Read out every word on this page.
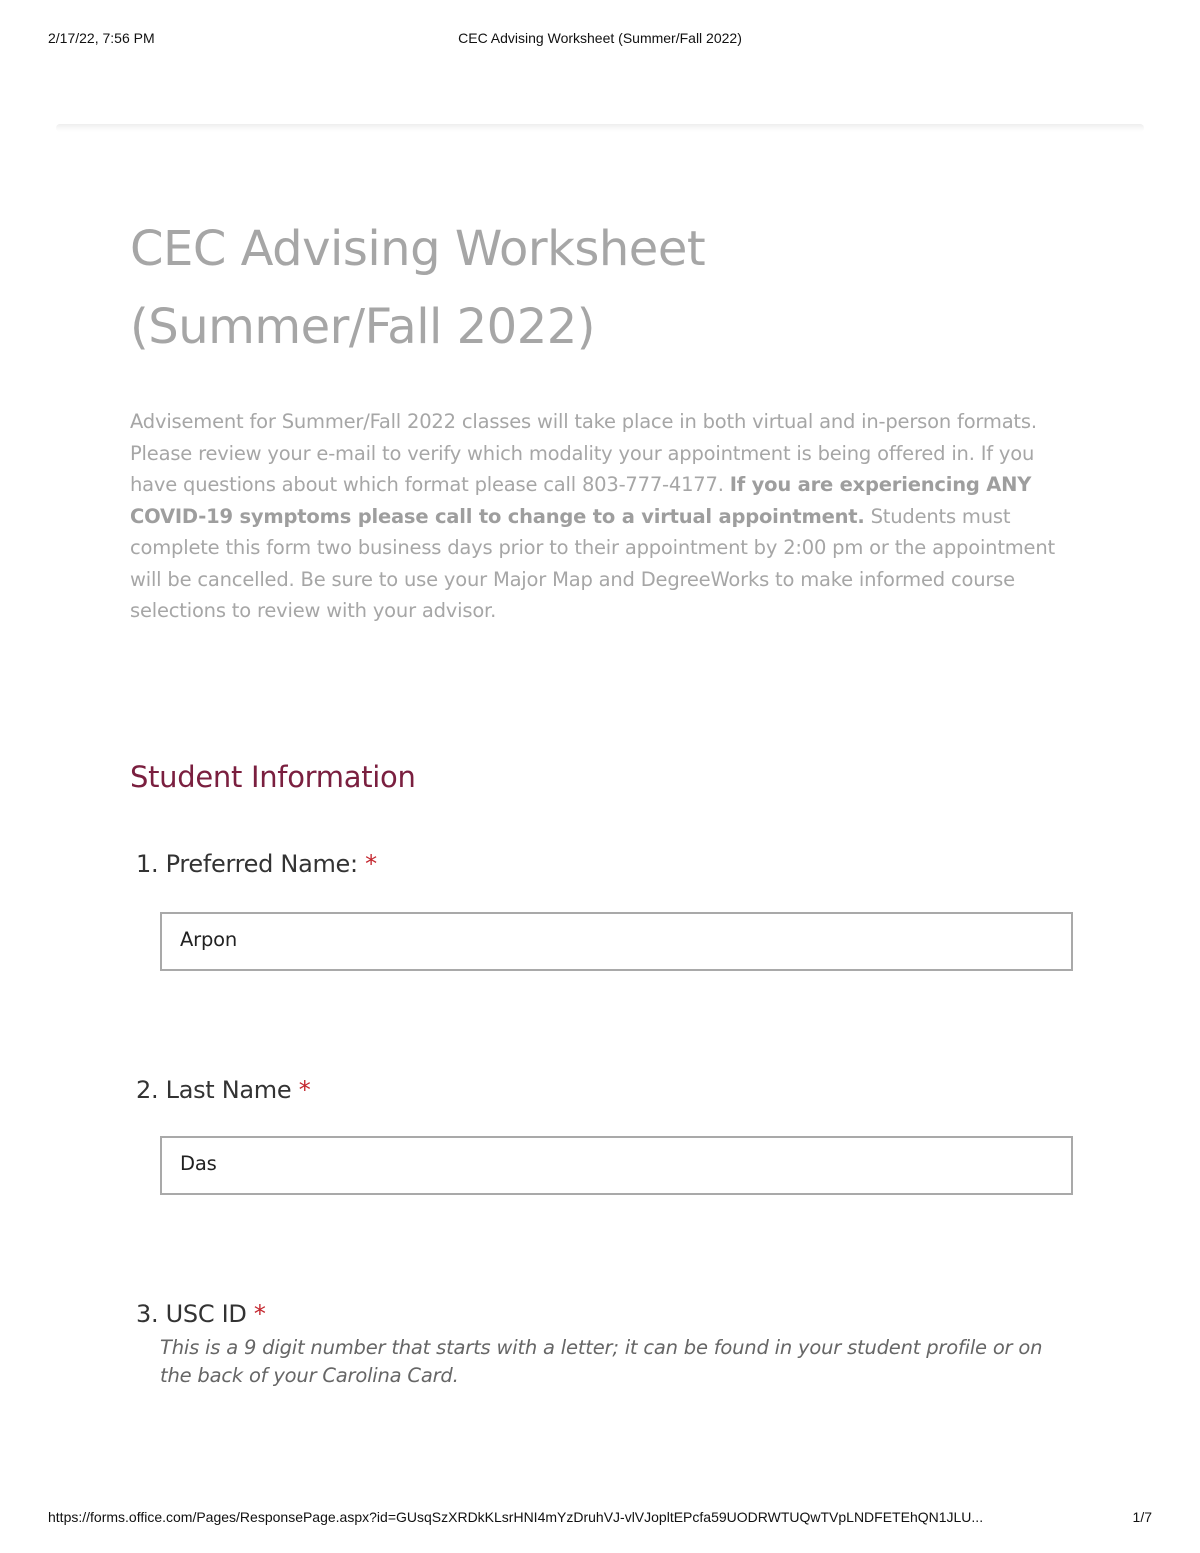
2/17/22, 7:56 PM	CEC Advising Worksheet (Summer/Fall 2022)
CEC Advising Worksheet
(Summer/Fall 2022)
Advisement for Summer/Fall 2022 classes will take place in both virtual and in-person formats. Please review your e-mail to verify which modality your appointment is being offered in. If you have questions about which format please call 803-777-4177. If you are experiencing ANY COVID-19 symptoms please call to change to a virtual appointment. Students must complete this form two business days prior to their appointment by 2:00 pm or the appointment will be cancelled. Be sure to use your Major Map and DegreeWorks to make informed course selections to review with your advisor.
Student Information
1. Preferred Name: *
Arpon
2. Last Name *
Das
3. USC ID *
This is a 9 digit number that starts with a letter; it can be found in your student profile or on the back of your Carolina Card.
https://forms.office.com/Pages/ResponsePage.aspx?id=GUsqSzXRDkKLsrHNI4mYzDruhVJ-vlVJopltEPcfa59UODRWTUQwTVpLNDFETEhQN1JLU...	1/7
